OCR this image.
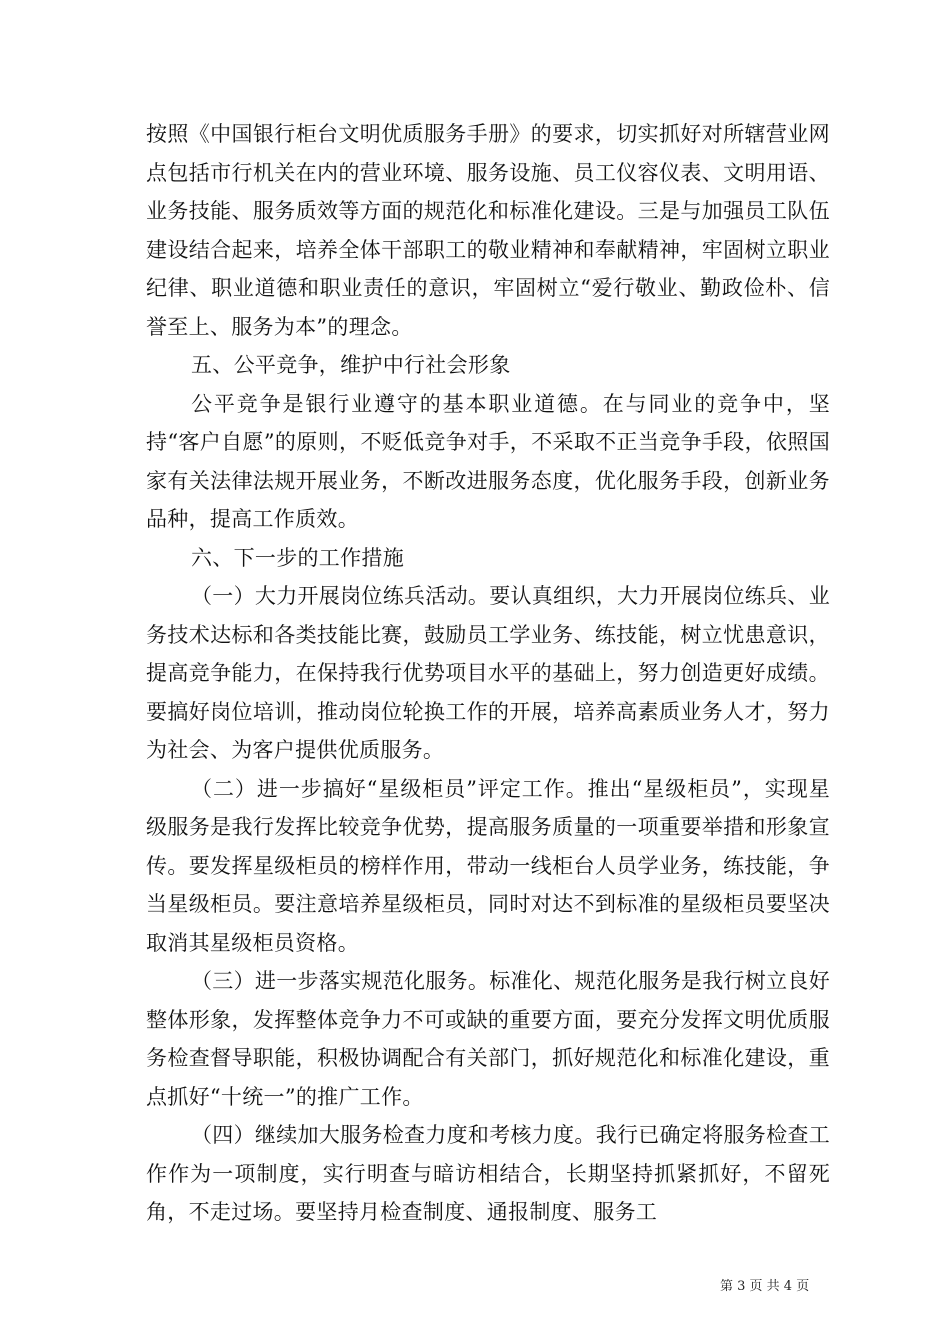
按照《中国银行柜台文明优质服务手册》的要求，切实抓好对所辖营业网点包括市行机关在内的营业环境、服务设施、员工仪容仪表、文明用语、业务技能、服务质效等方面的规范化和标准化建设。三是与加强员工队伍建设结合起来，培养全体干部职工的敬业精神和奉献精神，牢固树立职业纪律、职业道德和职业责任的意识，牢固树立“爱行敬业、勤政俭朴、信誉至上、服务为本”的理念。

五、公平竞争，维护中行社会形象

公平竞争是银行业遵守的基本职业道德。在与同业的竞争中，坚持“客户自愿”的原则，不贬低竞争对手，不采取不正当竞争手段，依照国家有关法律法规开展业务，不断改进服务态度，优化服务手段，创新业务品种，提高工作质效。

六、下一步的工作措施

（一）大力开展岗位练兵活动。要认真组织，大力开展岗位练兵、业务技术达标和各类技能比赛，鼓励员工学业务、练技能，树立忧患意识，提高竞争能力，在保持我行优势项目水平的基础上，努力创造更好成绩。要搞好岗位培训，推动岗位轮换工作的开展，培养高素质业务人才，努力为社会、为客户提供优质服务。

（二）进一步搞好“星级柜员”评定工作。推出“星级柜员”，实现星级服务是我行发挥比较竞争优势，提高服务质量的一项重要举措和形象宣传。要发挥星级柜员的榜样作用，带动一线柜台人员学业务，练技能，争当星级柜员。要注意培养星级柜员，同时对达不到标准的星级柜员要坚决取消其星级柜员资格。

（三）进一步落实规范化服务。标准化、规范化服务是我行树立良好整体形象，发挥整体竞争力不可或缺的重要方面，要充分发挥文明优质服务检查督导职能，积极协调配合有关部门，抓好规范化和标准化建设，重点抓好“十统一”的推广工作。

（四）继续加大服务检查力度和考核力度。我行已确定将服务检查工作作为一项制度，实行明查与暗访相结合，长期坚持抓紧抓好，不留死角，不走过场。要坚持月检查制度、通报制度、服务工

第 3 页 共 4 页
